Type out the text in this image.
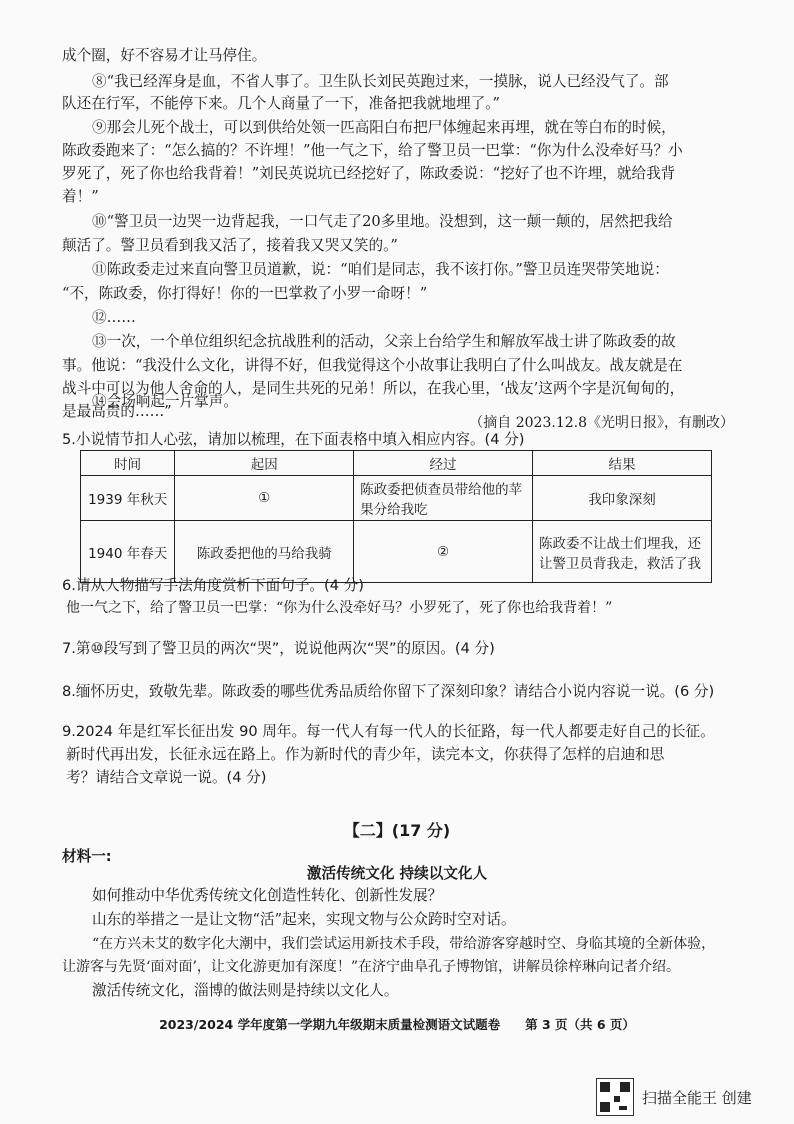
成个圈，好不容易才让马停住。
⑧“我已经浑身是血，不省人事了。卫生队长刘民英跑过来，一摸脉，说人已经没气了。部
队还在行军，不能停下来。几个人商量了一下，准备把我就地埋了。”
⑨那会儿死个战士，可以到供给处领一匹高阳白布把尸体缠起来再埋，就在等白布的时候，
陈政委跑来了：“怎么搞的？不许埋！”他一气之下，给了警卫员一巴掌：“你为什么没牵好马？小
罗死了，死了你也给我背着！”刘民英说坑已经挖好了，陈政委说：“挖好了也不许埋，就给我背
着！”
⑩“警卫员一边哭一边背起我，一口气走了20多里地。没想到，这一颠一颠的，居然把我给
颠活了。警卫员看到我又活了，接着我又哭又笑的。”
⑪陈政委走过来直向警卫员道歉，说：“咱们是同志，我不该打你。”警卫员连哭带笑地说：
“不，陈政委，你打得好！你的一巴掌救了小罗一命呀！”
⑫……
⑬一次，一个单位组织纪念抗战胜利的活动，父亲上台给学生和解放军战士讲了陈政委的故
事。他说：“我没什么文化，讲得不好，但我觉得这个小故事让我明白了什么叫战友。战友就是在
战斗中可以为他人舍命的人，是同生共死的兄弟！所以，在我心里，‘战友’这两个字是沉甸甸的，
是最高贵的……”
⑭会场响起一片掌声。
（摘自 2023.12.8《光明日报》，有删改）
5.小说情节扣人心弦，请加以梳理，在下面表格中填入相应内容。(4 分)
时间	起因	经过	结果
1939 年秋天	①	陈政委把侦查员带给他的苹果分给我吃	我印象深刻
1940 年春天	陈政委把他的马给我骑	②	陈政委不让战士们埋我，还让警卫员背我走，救活了我
6.请从人物描写手法角度赏析下面句子。(4 分)
他一气之下，给了警卫员一巴掌：“你为什么没牵好马？小罗死了，死了你也给我背着！”
7.第⑩段写到了警卫员的两次“哭”，说说他两次“哭”的原因。(4 分)
8.缅怀历史，致敬先辈。陈政委的哪些优秀品质给你留下了深刻印象？请结合小说内容说一说。(6 分)
9.2024 年是红军长征出发 90 周年。每一代人有每一代人的长征路，每一代人都要走好自己的长征。
新时代再出发，长征永远在路上。作为新时代的青少年，读完本文，你获得了怎样的启迪和思
考？请结合文章说一说。(4 分)
【二】(17 分)
材料一:
激活传统文化 持续以文化人
如何推动中华优秀传统文化创造性转化、创新性发展？
山东的举措之一是让文物“活”起来，实现文物与公众跨时空对话。
“在方兴未艾的数字化大潮中，我们尝试运用新技术手段，带给游客穿越时空、身临其境的全新体验，
让游客与先贤‘面对面’，让文化游更加有深度！”在济宁曲阜孔子博物馆，讲解员徐梓琳向记者介绍。
激活传统文化，淄博的做法则是持续以文化人。
2023/2024 学年度第一学期九年级期末质量检测语文试题卷　　第 3 页（共 6 页）
扫描全能王 创建
